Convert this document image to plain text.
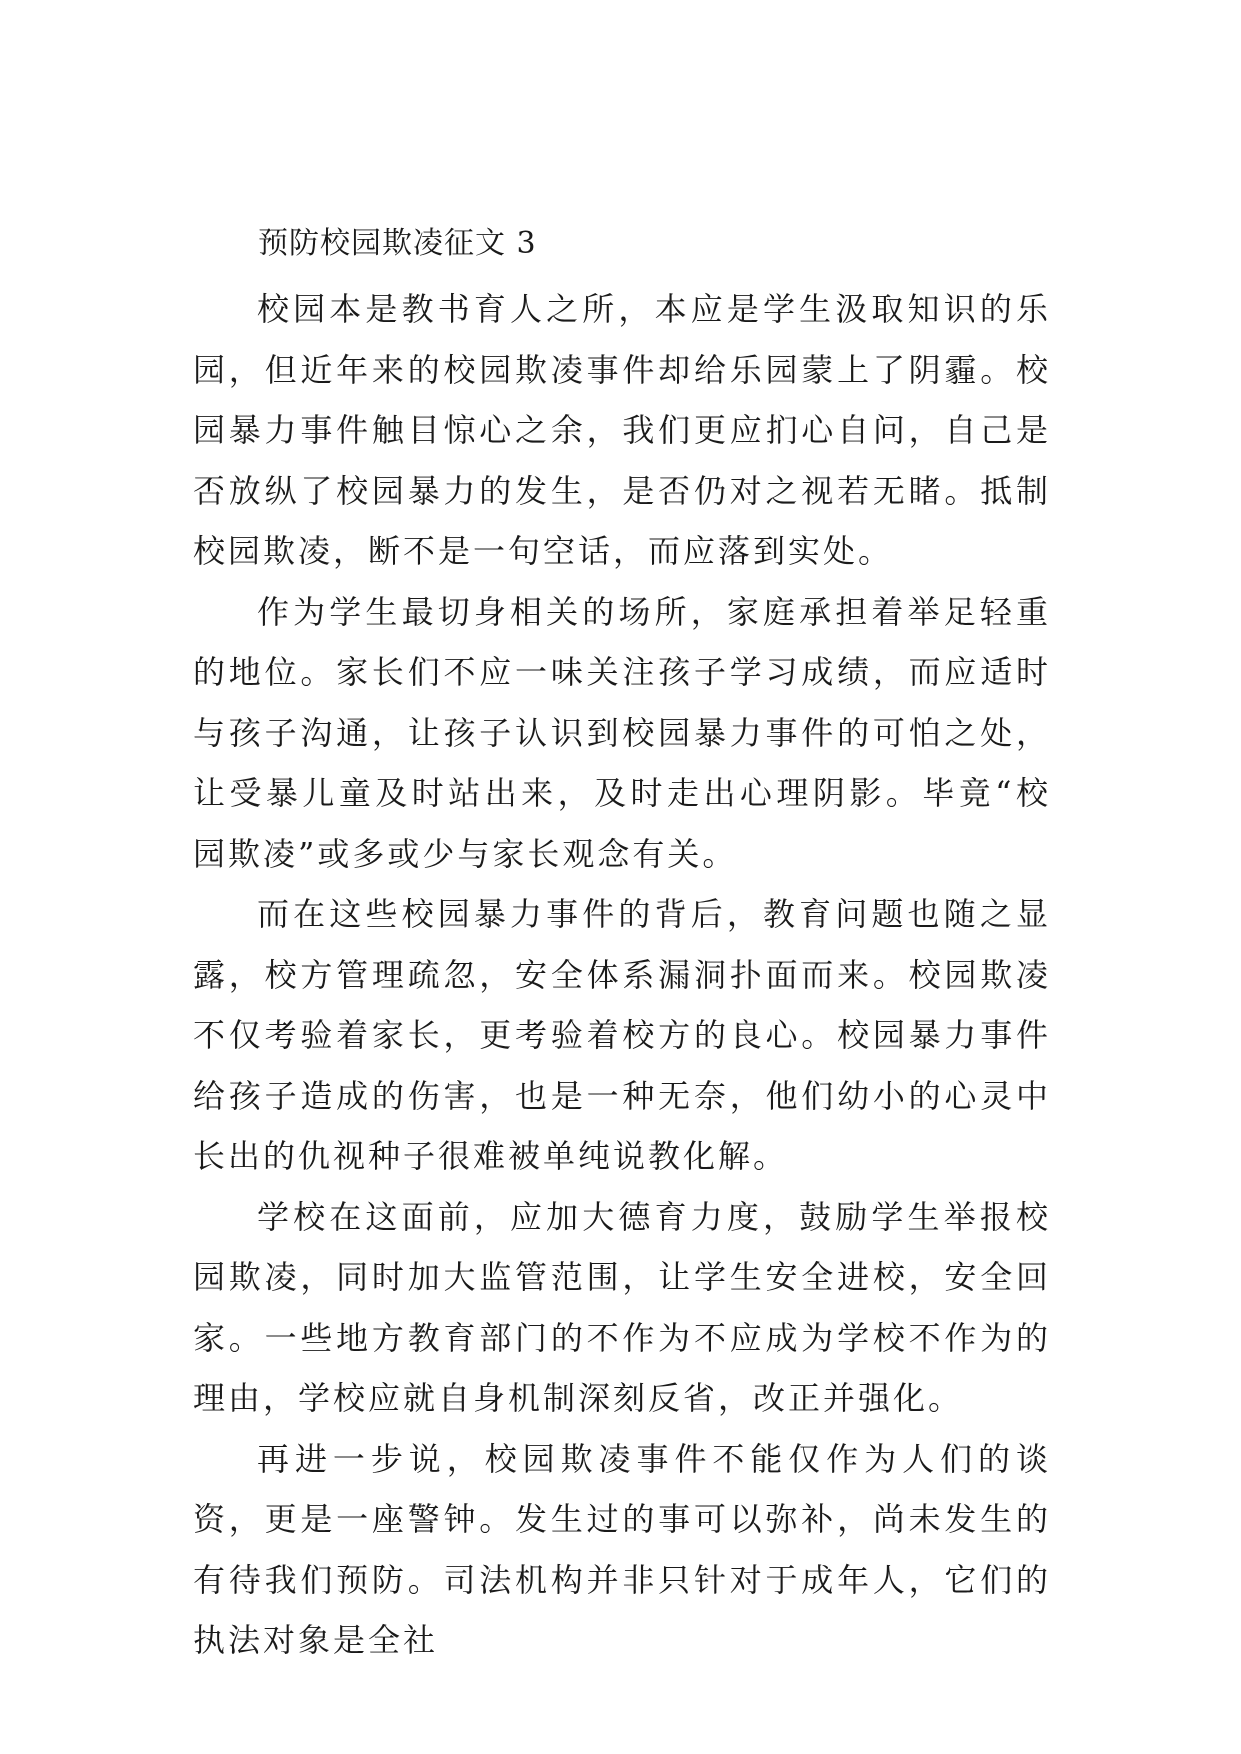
预防校园欺凌征文 3

校园本是教书育人之所，本应是学生汲取知识的乐园，但近年来的校园欺凌事件却给乐园蒙上了阴霾。校园暴力事件触目惊心之余，我们更应扪心自问，自己是否放纵了校园暴力的发生，是否仍对之视若无睹。抵制校园欺凌，断不是一句空话，而应落到实处。

作为学生最切身相关的场所，家庭承担着举足轻重的地位。家长们不应一味关注孩子学习成绩，而应适时与孩子沟通，让孩子认识到校园暴力事件的可怕之处，让受暴儿童及时站出来，及时走出心理阴影。毕竟“校园欺凌”或多或少与家长观念有关。

而在这些校园暴力事件的背后，教育问题也随之显露，校方管理疏忽，安全体系漏洞扑面而来。校园欺凌不仅考验着家长，更考验着校方的良心。校园暴力事件给孩子造成的伤害，也是一种无奈，他们幼小的心灵中长出的仇视种子很难被单纯说教化解。

学校在这面前，应加大德育力度，鼓励学生举报校园欺凌，同时加大监管范围，让学生安全进校，安全回家。一些地方教育部门的不作为不应成为学校不作为的理由，学校应就自身机制深刻反省，改正并强化。

再进一步说，校园欺凌事件不能仅作为人们的谈资，更是一座警钟。发生过的事可以弥补，尚未发生的有待我们预防。司法机构并非只针对于成年人，它们的执法对象是全社
